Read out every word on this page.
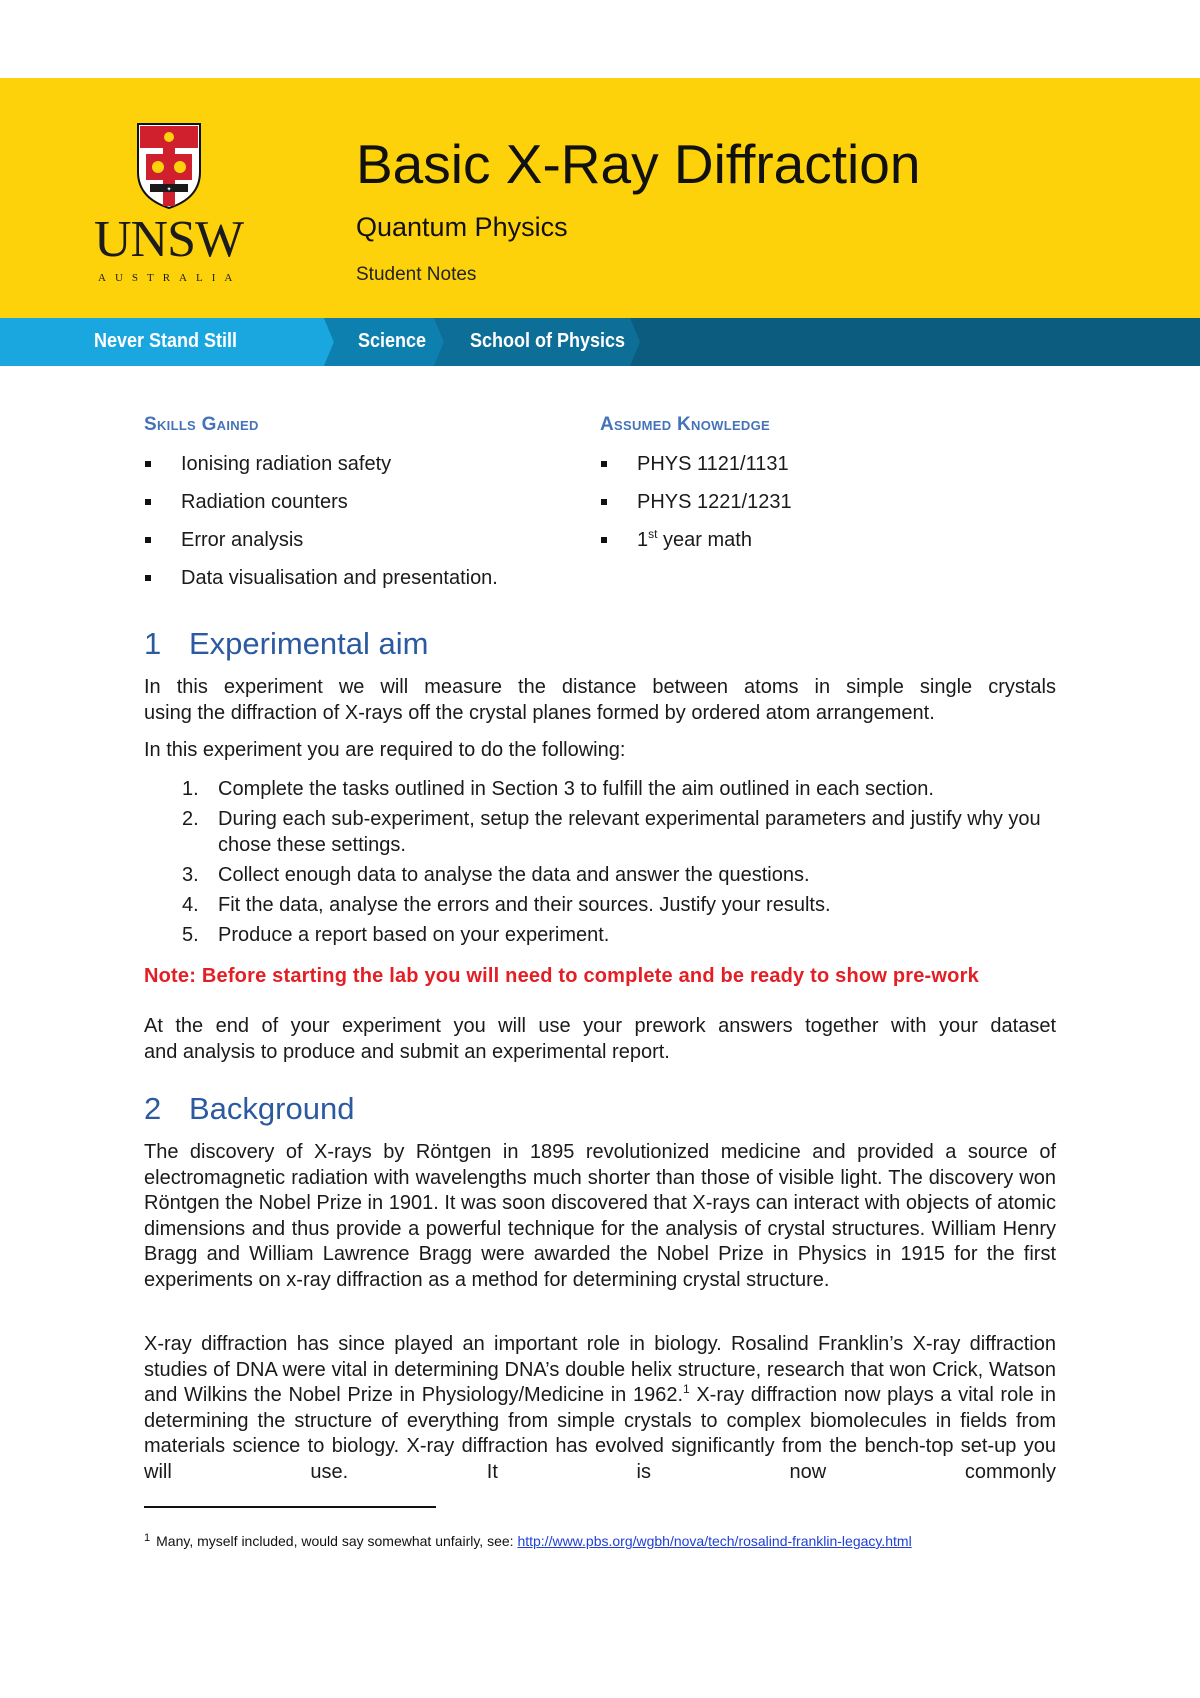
✦
UNSW
AUSTRALIA
Basic X-Ray Diffraction
Quantum Physics
Student Notes
Never Stand Still	Science School of Physics
Skills Gained
Ionising radiation safety
Radiation counters
Error analysis
Data visualisation and presentation.
Assumed Knowledge
PHYS 1121/1131
PHYS 1221/1231
1st year math
1 Experimental aim

In this experiment we will measure the distance between atoms in simple single crystals
using the diffraction of X-rays off the crystal planes formed by ordered atom arrangement.

In this experiment you are required to do the following:

1. Complete the tasks outlined in Section 3 to fulfill the aim outlined in each section.
2. During each sub-experiment, setup the relevant experimental parameters and justify why you chose these settings.
3. Collect enough data to analyse the data and answer the questions.
4. Fit the data, analyse the errors and their sources. Justify your results.
5. Produce a report based on your experiment.
Note: Before starting the lab you will need to complete and be ready to show pre-work

At the end of your experiment you will use your prework answers together with your dataset
and analysis to produce and submit an experimental report.

2 Background

The discovery of X-rays by Röntgen in 1895 revolutionized medicine and provided a source of electromagnetic radiation with wavelengths much shorter than those of visible light. The discovery won Röntgen the Nobel Prize in 1901. It was soon discovered that X-rays can interact with objects of atomic dimensions and thus provide a powerful technique for the analysis of crystal structures. William Henry Bragg and William Lawrence Bragg were awarded the Nobel Prize in Physics in 1915 for the first experiments on x-ray diffraction as a method for determining crystal structure.

X-ray diffraction has since played an important role in biology. Rosalind Franklin’s X-ray diffraction studies of DNA were vital in determining DNA’s double helix structure, research that won Crick, Watson and Wilkins the Nobel Prize in Physiology/Medicine in 1962.$^1$ X-ray diffraction now plays a vital role in determining the structure of everything from simple crystals to complex biomolecules in fields from materials science to biology. X-ray diffraction has evolved significantly from the bench-top set-up you will use. It is now commonly

$^1$ Many, myself included, would say somewhat unfairly, see: http://www.pbs.org/wgbh/nova/tech/rosalind-franklin-legacy.html
